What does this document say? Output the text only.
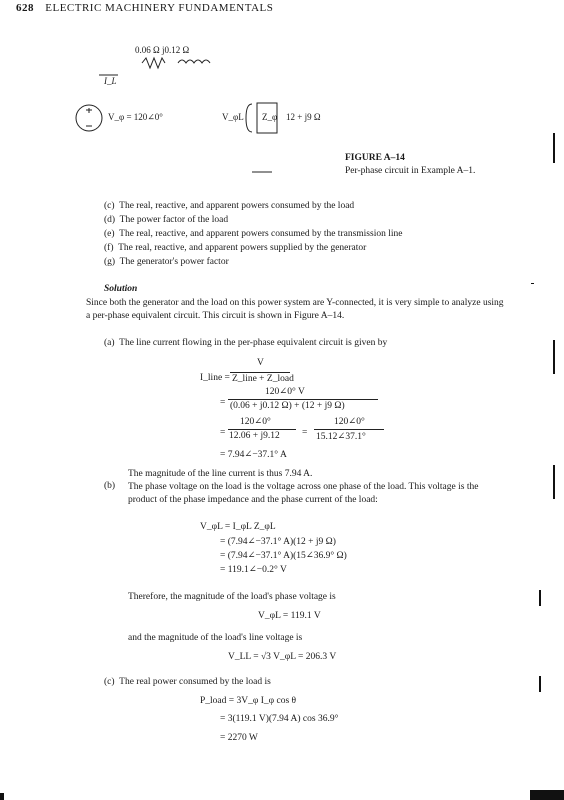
628 ELECTRIC MACHINERY FUNDAMENTALS
0.06 Ω j0.12 Ω
I_L
V_φ = 120∠0°	V_φL Z_φ 12 + j9 Ω
FIGURE A–14
Per-phase circuit in Example A–1.
(c) The real, reactive, and apparent powers consumed by the load
(d) The power factor of the load
(e) The real, reactive, and apparent powers consumed by the transmission line
(f) The real, reactive, and apparent powers supplied by the generator
(g) The generator's power factor
Solution
Since both the generator and the load on this power system are Y-connected, it is very simple to analyze using a per-phase equivalent circuit. This circuit is shown in Figure A–14.
(a) The line current flowing in the per-phase equivalent circuit is given by
I_line =
V
Z_line + Z_load
=
120∠0° V
(0.06 + j0.12 Ω) + (12 + j9 Ω)
=
120∠0°
12.06 + j9.12 =
120∠0°
15.12∠37.1°
= 7.94∠−37.1° A
The magnitude of the line current is thus 7.94 A.
(b) The phase voltage on the load is the voltage across one phase of the load. This voltage is the product of the phase impedance and the phase current of the load:
V_φL = I_φL Z_φL
= (7.94∠−37.1° A)(12 + j9 Ω)
= (7.94∠−37.1° A)(15∠36.9° Ω)
= 119.1∠−0.2° V
Therefore, the magnitude of the load's phase voltage is
V_φL = 119.1 V
and the magnitude of the load's line voltage is
V_LL = √3 V_φL = 206.3 V
(c) The real power consumed by the load is
P_load = 3V_φ I_φ cos θ
= 3(119.1 V)(7.94 A) cos 36.9°
= 2270 W
